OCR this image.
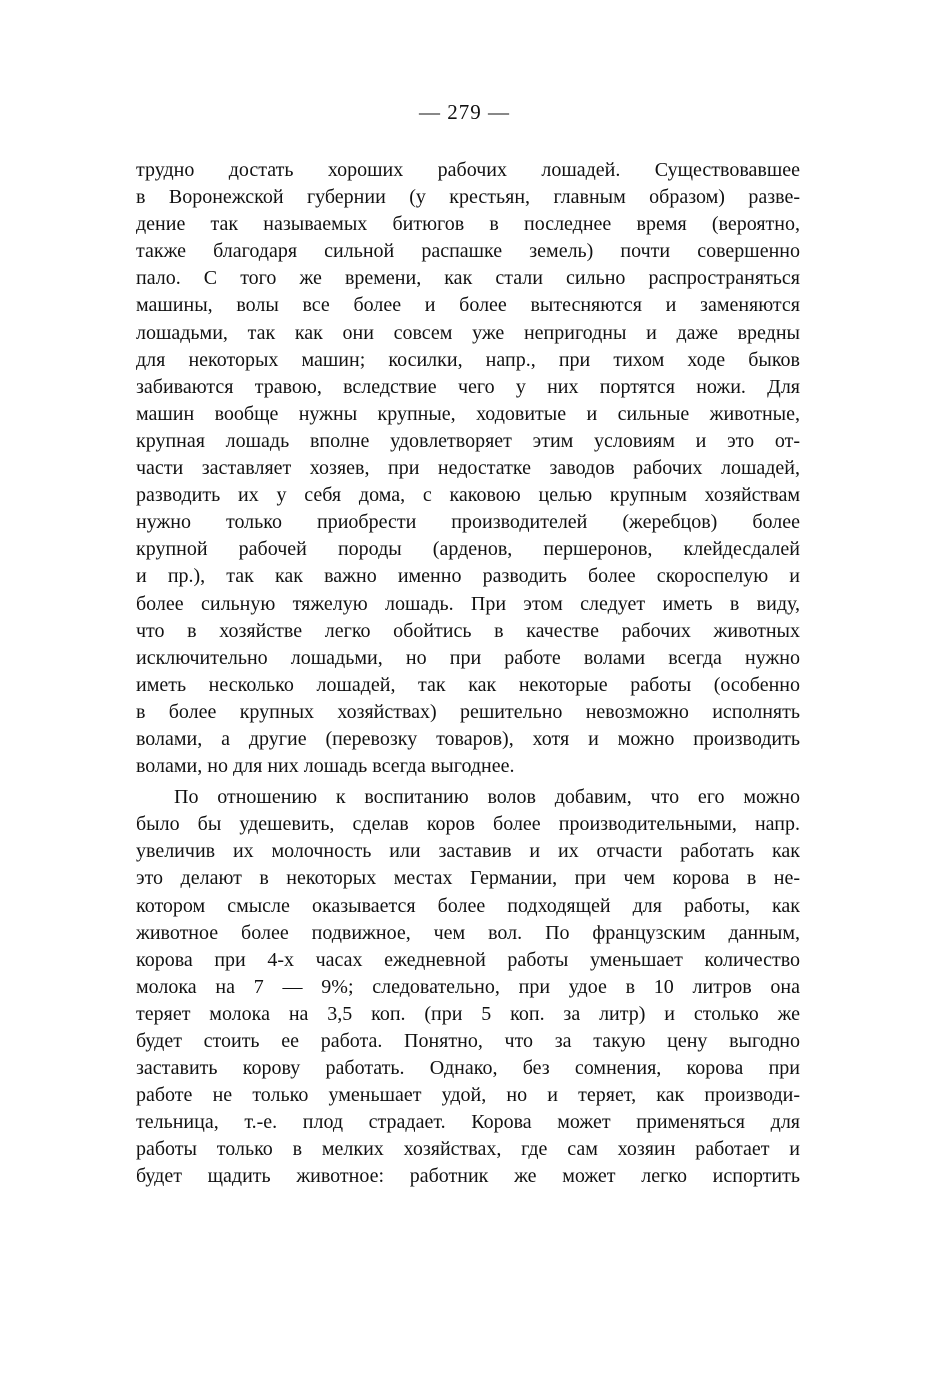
— 279 —
трудно достать хороших рабочих лошадей. Существовавшее
в Воронежской губернии (у крестьян, главным образом) разве-
дение так называемых битюгов в последнее время (вероятно,
также благодаря сильной распашке земель) почти совершенно
пало. С того же времени, как стали сильно распространяться
машины, волы все более и более вытесняются и заменяются
лошадьми, так как они совсем уже непригодны и даже вредны
для некоторых машин; косилки, напр., при тихом ходе быков
забиваются травою, вследствие чего у них портятся ножи. Для
машин вообще нужны крупные, ходовитые и сильные животные,
крупная лошадь вполне удовлетворяет этим условиям и это от-
части заставляет хозяев, при недостатке заводов рабочих лошадей,
разводить их у себя дома, с каковою целью крупным хозяйствам
нужно только приобрести производителей (жеребцов) более
крупной рабочей породы (арденов, першеронов, клейдесдалей
и пр.), так как важно именно разводить более скороспелую и
более сильную тяжелую лошадь. При этом следует иметь в виду,
что в хозяйстве легко обойтись в качестве рабочих животных
исключительно лошадьми, но при работе волами всегда нужно
иметь несколько лошадей, так как некоторые работы (особенно
в более крупных хозяйствах) решительно невозможно исполнять
волами, а другие (перевозку товаров), хотя и можно производить
волами, но для них лошадь всегда выгоднее.
По отношению к воспитанию волов добавим, что его можно
было бы удешевить, сделав коров более производительными, напр.
увеличив их молочность или заставив и их отчасти работать как
это делают в некоторых местах Германии, при чем корова в не-
котором смысле оказывается более подходящей для работы, как
животное более подвижное, чем вол. По французским данным,
корова при 4-х часах ежедневной работы уменьшает количество
молока на 7 — 9%; следовательно, при удое в 10 литров она
теряет молока на 3,5 коп. (при 5 коп. за литр) и столько же
будет стоить ее работа. Понятно, что за такую цену выгодно
заставить корову работать. Однако, без сомнения, корова при
работе не только уменьшает удой, но и теряет, как производи-
тельница, т.-е. плод страдает. Корова может применяться для
работы только в мелких хозяйствах, где сам хозяин работает и
будет щадить животное: работник же может легко испортить
